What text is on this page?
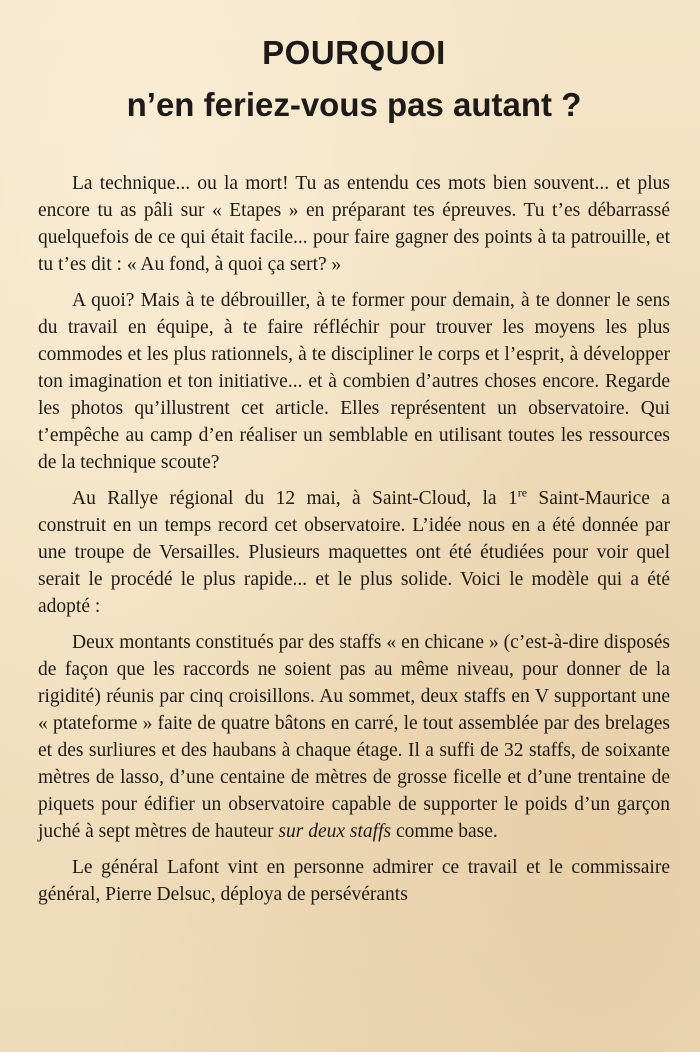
POURQUOI
n’en feriez-vous pas autant ?

La technique... ou la mort! Tu as entendu ces mots bien souvent... et plus encore tu as pâli sur « Etapes » en préparant tes épreuves. Tu t’es débarrassé quelquefois de ce qui était facile... pour faire gagner des points à ta patrouille, et tu t’es dit : « Au fond, à quoi ça sert? »

A quoi? Mais à te débrouiller, à te former pour demain, à te donner le sens du travail en équipe, à te faire réfléchir pour trouver les moyens les plus commodes et les plus rationnels, à te discipliner le corps et l’esprit, à développer ton imagination et ton initiative... et à combien d’autres choses encore. Regarde les photos qu’illustrent cet article. Elles représentent un observatoire. Qui t’empêche au camp d’en réaliser un semblable en utilisant toutes les ressources de la technique scoute?

Au Rallye régional du 12 mai, à Saint-Cloud, la 1re Saint-Maurice a construit en un temps record cet observatoire. L’idée nous en a été donnée par une troupe de Versailles. Plusieurs maquettes ont été étudiées pour voir quel serait le procédé le plus rapide... et le plus solide. Voici le modèle qui a été adopté :

Deux montants constitués par des staffs « en chicane » (c’est-à-dire disposés de façon que les raccords ne soient pas au même niveau, pour donner de la rigidité) réunis par cinq croisillons. Au sommet, deux staffs en V supportant une « ptateforme » faite de quatre bâtons en carré, le tout assemblée par des brelages et des surliures et des haubans à chaque étage. Il a suffi de 32 staffs, de soixante mètres de lasso, d’une centaine de mètres de grosse ficelle et d’une trentaine de piquets pour édifier un observatoire capable de supporter le poids d’un garçon juché à sept mètres de hauteur sur deux staffs comme base.

Le général Lafont vint en personne admirer ce travail et le commissaire général, Pierre Delsuc, déploya de persévérants
